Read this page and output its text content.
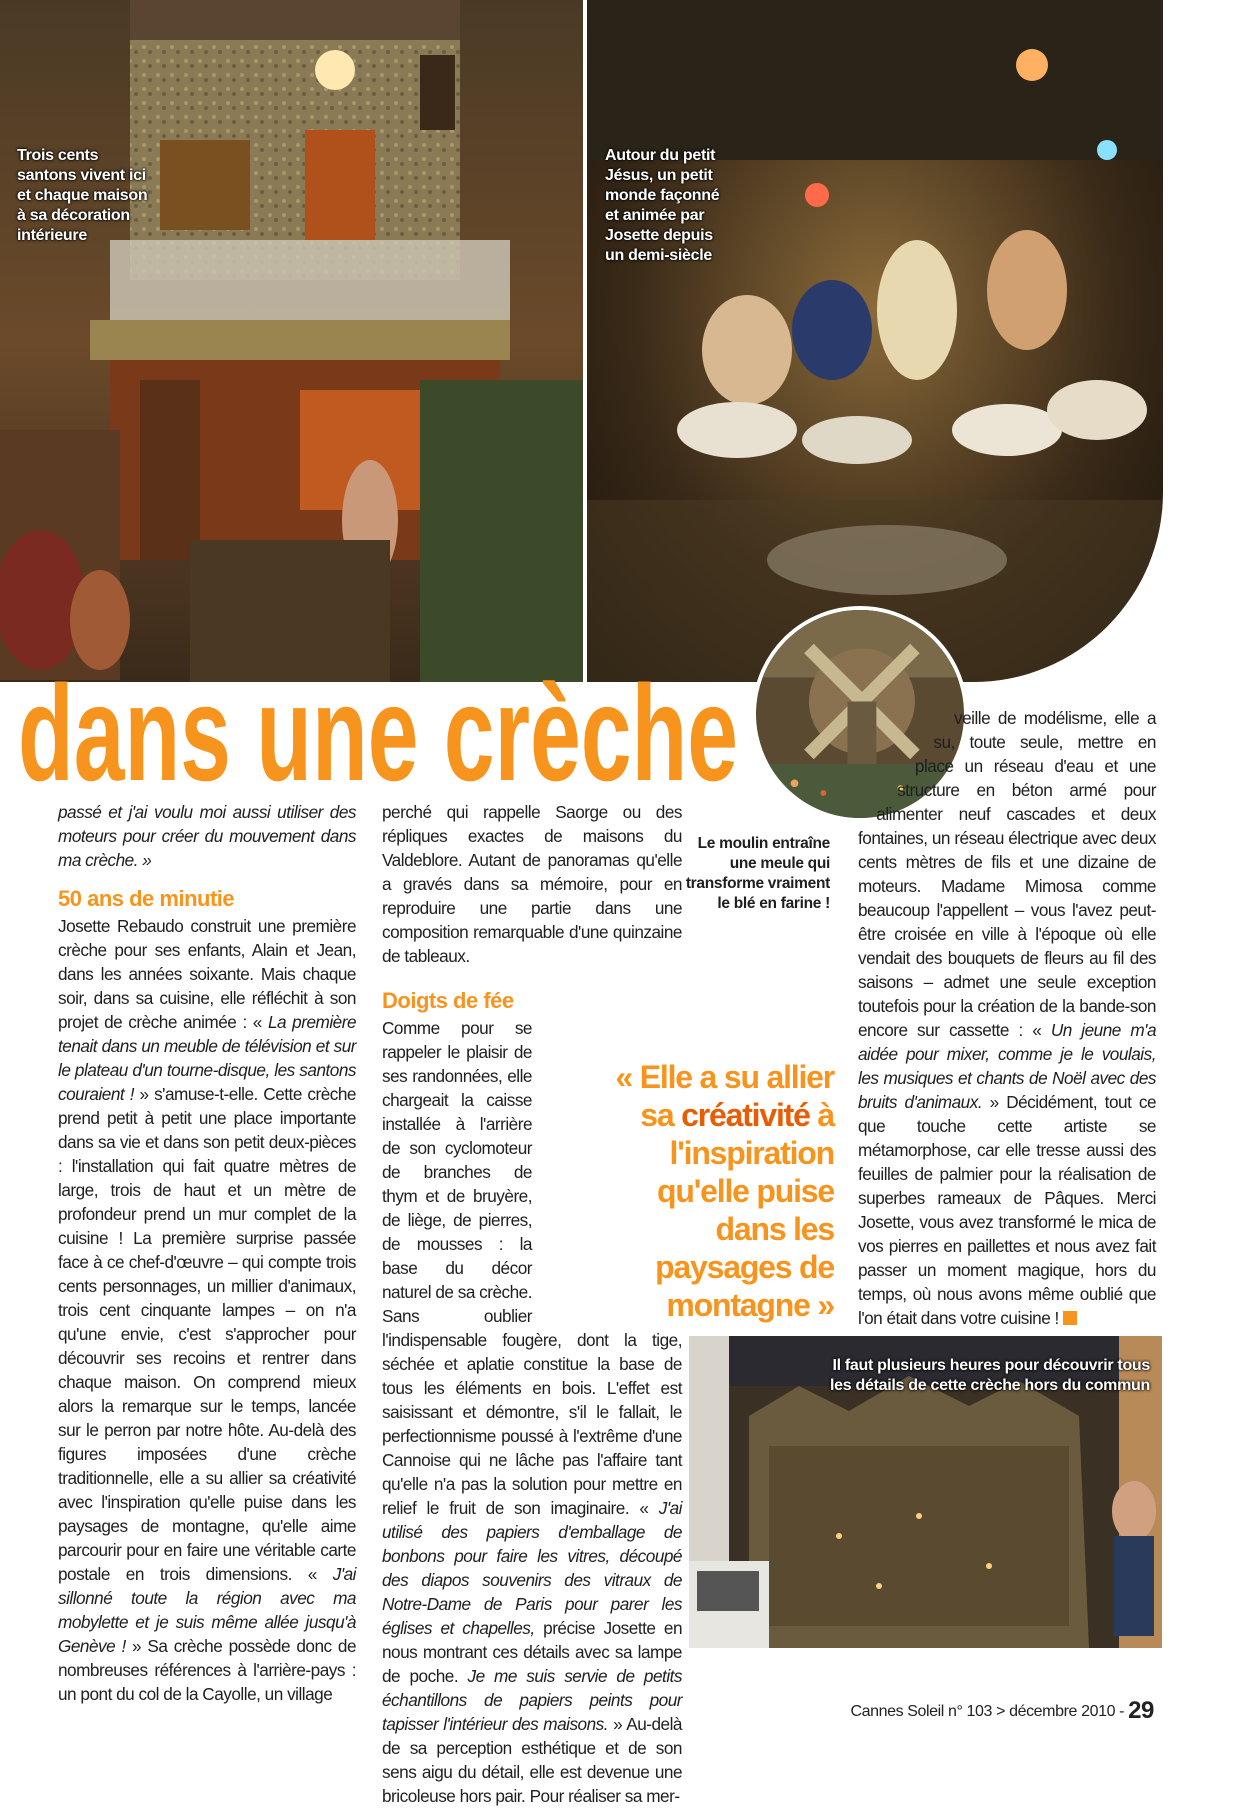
Trois cents santons vivent ici et chaque maison à sa décoration intérieure
Autour du petit Jésus, un petit monde façonné et animée par Josette depuis un demi-siècle
dans une crèche

passé et j'ai voulu moi aussi utiliser des moteurs pour créer du mouvement dans ma crèche. »

50 ans de minutie

Josette Rebaudo construit une première crèche pour ses enfants, Alain et Jean, dans les années soixante. Mais chaque soir, dans sa cuisine, elle réfléchit à son projet de crèche animée : « La première tenait dans un meuble de télévision et sur le plateau d'un tourne-disque, les santons couraient ! » s'amuse-t-elle. Cette crèche prend petit à petit une place importante dans sa vie et dans son petit deux-pièces : l'installation qui fait quatre mètres de large, trois de haut et un mètre de profondeur prend un mur complet de la cuisine ! La première surprise passée face à ce chef-d'œuvre – qui compte trois cents personnages, un millier d'animaux, trois cent cinquante lampes – on n'a qu'une envie, c'est s'approcher pour découvrir ses recoins et rentrer dans chaque maison. On comprend mieux alors la remarque sur le temps, lancée sur le perron par notre hôte. Au-delà des figures imposées d'une crèche traditionnelle, elle a su allier sa créativité avec l'inspiration qu'elle puise dans les paysages de montagne, qu'elle aime parcourir pour en faire une véritable carte postale en trois dimensions. « J'ai sillonné toute la région avec ma mobylette et je suis même allée jusqu'à Genève ! » Sa crèche possède donc de nombreuses références à l'arrière-pays : un pont du col de la Cayolle, un village

perché qui rappelle Saorge ou des répliques exactes de maisons du Valdeblore. Autant de panoramas qu'elle a gravés dans sa mémoire, pour en reproduire une partie dans une composition remarquable d'une quinzaine de tableaux.

Doigts de fée

Comme pour se rappeler le plaisir de ses randonnées, elle chargeait la caisse installée à l'arrière de son cyclomoteur de branches de thym et de bruyère, de liège, de pierres, de mousses : la base du décor naturel de sa crèche. Sans oublier l'indispensable fougère, dont la tige, séchée et aplatie constitue la base de tous les éléments en bois. L'effet est saisissant et démontre, s'il le fallait, le perfectionnisme poussé à l'extrême d'une Cannoise qui ne lâche pas l'affaire tant qu'elle n'a pas la solution pour mettre en relief le fruit de son imaginaire. « J'ai utilisé des papiers d'emballage de bonbons pour faire les vitres, découpé des diapos souvenirs des vitraux de Notre-Dame de Paris pour parer les églises et chapelles, précise Josette en nous montrant ces détails avec sa lampe de poche. Je me suis servie de petits échantillons de papiers peints pour tapisser l'intérieur des maisons. » Au-delà de sa perception esthétique et de son sens aigu du détail, elle est devenue une bricoleuse hors pair. Pour réaliser sa mer-

« Elle a su allier sa créativité à l'inspiration qu'elle puise dans les paysages de montagne »
Le moulin entraîne une meule qui transforme vraiment le blé en farine !

veille de modélisme, elle a su, toute seule, mettre en place un réseau d'eau et une structure en béton armé pour alimenter neuf cascades et deux fontaines, un réseau électrique avec deux cents mètres de fils et une dizaine de moteurs. Madame Mimosa comme beaucoup l'appellent – vous l'avez peut-être croisée en ville à l'époque où elle vendait des bouquets de fleurs au fil des saisons – admet une seule exception toutefois pour la création de la bande-son encore sur cassette : « Un jeune m'a aidée pour mixer, comme je le voulais, les musiques et chants de Noël avec des bruits d'animaux. » Décidément, tout ce que touche cette artiste se métamorphose, car elle tresse aussi des feuilles de palmier pour la réalisation de superbes rameaux de Pâques. Merci Josette, vous avez transformé le mica de vos pierres en paillettes et nous avez fait passer un moment magique, hors du temps, où nous avons même oublié que l'on était dans votre cuisine !

Il faut plusieurs heures pour découvrir tous les détails de cette crèche hors du commun
Cannes Soleil n° 103 > décembre 2010 - 29
